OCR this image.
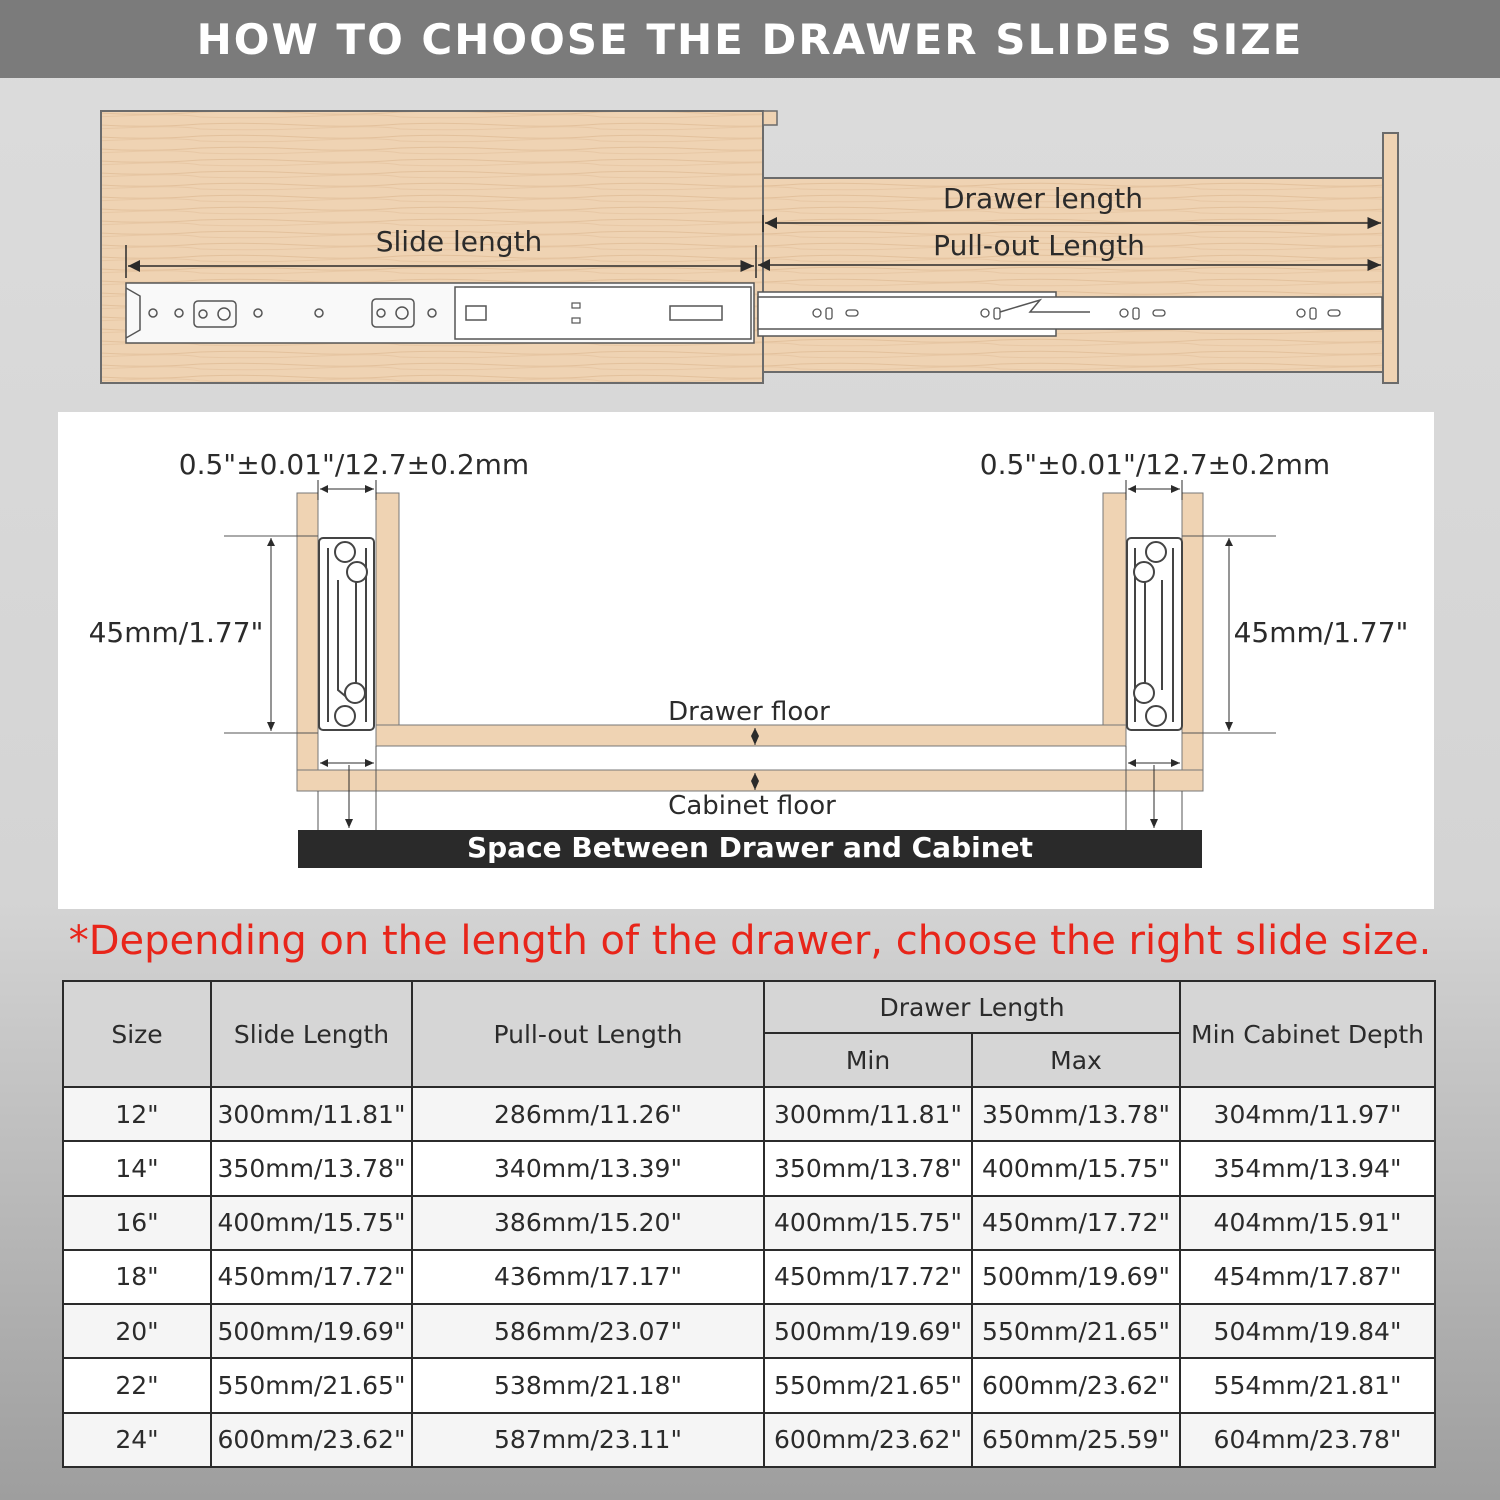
HOW TO CHOOSE THE DRAWER SLIDES SIZE
Slide length
Drawer length
Pull-out Length
0.5"±0.01"/12.7±0.2mm	0.5"±0.01"/12.7±0.2mm
45mm/1.77"	45mm/1.77"
Drawer floor
Cabinet floor
Space Between Drawer and Cabinet
*Depending on the length of the drawer, choose the right slide size.
Size	Slide Length	Pull-out Length	Drawer Length		Min Cabinet Depth
			Min	Max	
12"	300mm/11.81"	286mm/11.26"	300mm/11.81"	350mm/13.78"	304mm/11.97"
14"	350mm/13.78"	340mm/13.39"	350mm/13.78"	400mm/15.75"	354mm/13.94"
16"	400mm/15.75"	386mm/15.20"	400mm/15.75"	450mm/17.72"	404mm/15.91"
18"	450mm/17.72"	436mm/17.17"	450mm/17.72"	500mm/19.69"	454mm/17.87"
20"	500mm/19.69"	586mm/23.07"	500mm/19.69"	550mm/21.65"	504mm/19.84"
22"	550mm/21.65"	538mm/21.18"	550mm/21.65"	600mm/23.62"	554mm/21.81"
24"	600mm/23.62"	587mm/23.11"	600mm/23.62"	650mm/25.59"	604mm/23.78"
